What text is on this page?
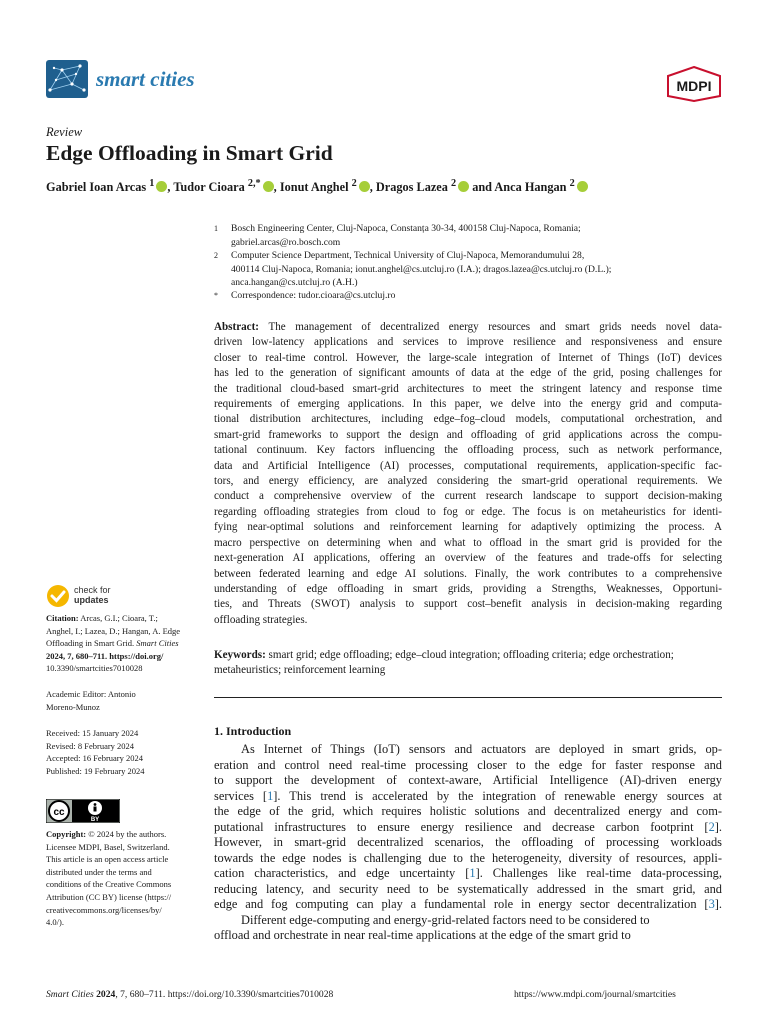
smart cities	MDPI
Review
Edge Offloading in Smart Grid
Gabriel Ioan Arcas $^1$ , Tudor Cioara $^{2,*}$ , Ionut Anghel $^2$ , Dragos Lazea $^2$ and Anca Hangan $^2$
1 Bosch Engineering Center, Cluj-Napoca, Constanța 30-34, 400158 Cluj-Napoca, Romania;
gabriel.arcas@ro.bosch.com
2 Computer Science Department, Technical University of Cluj-Napoca, Memorandumului 28,
400114 Cluj-Napoca, Romania; ionut.anghel@cs.utcluj.ro (I.A.); dragos.lazea@cs.utcluj.ro (D.L.);
anca.hangan@cs.utcluj.ro (A.H.)
* Correspondence: tudor.cioara@cs.utcluj.ro
Abstract: The management of decentralized energy resources and smart grids needs novel data-
driven low-latency applications and services to improve resilience and responsiveness and ensure
closer to real-time control. However, the large-scale integration of Internet of Things (IoT) devices
has led to the generation of significant amounts of data at the edge of the grid, posing challenges for
the traditional cloud-based smart-grid architectures to meet the stringent latency and response time
requirements of emerging applications. In this paper, we delve into the energy grid and computa-
tional distribution architectures, including edge–fog–cloud models, computational orchestration, and
smart-grid frameworks to support the design and offloading of grid applications across the compu-
tational continuum. Key factors influencing the offloading process, such as network performance,
data and Artificial Intelligence (AI) processes, computational requirements, application-specific fac-
tors, and energy efficiency, are analyzed considering the smart-grid operational requirements. We
conduct a comprehensive overview of the current research landscape to support decision-making
regarding offloading strategies from cloud to fog or edge. The focus is on metaheuristics for identi-
fying near-optimal solutions and reinforcement learning for adaptively optimizing the process. A
macro perspective on determining when and what to offload in the smart grid is provided for the
next-generation AI applications, offering an overview of the features and trade-offs for selecting
between federated learning and edge AI solutions. Finally, the work contributes to a comprehensive
understanding of edge offloading in smart grids, providing a Strengths, Weaknesses, Opportuni-
ties, and Threats (SWOT) analysis to support cost–benefit analysis in decision-making regarding
offloading strategies.
Keywords: smart grid; edge offloading; edge–cloud integration; offloading criteria; edge orchestration;
metaheuristics; reinforcement learning
1. Introduction
As Internet of Things (IoT) sensors and actuators are deployed in smart grids, op-
eration and control need real-time processing closer to the edge for faster response and
to support the development of context-aware, Artificial Intelligence (AI)-driven energy
services [1]. This trend is accelerated by the integration of renewable energy sources at
the edge of the grid, which requires holistic solutions and decentralized energy and com-
putational infrastructures to ensure energy resilience and decrease carbon footprint [2].
However, in smart-grid decentralized scenarios, the offloading of processing workloads
towards the edge nodes is challenging due to the heterogeneity, diversity of resources, appli-
cation characteristics, and edge uncertainty [1]. Challenges like real-time data-processing,
reducing latency, and security need to be systematically addressed in the smart grid, and
edge and fog computing can play a fundamental role in energy sector decentralization [3].
Different edge-computing and energy-grid-related factors need to be considered to
offload and orchestrate in near real-time applications at the edge of the smart grid to
check for
updates
Citation: Arcas, G.I.; Cioara, T.;
Anghel, I.; Lazea, D.; Hangan, A. Edge
Offloading in Smart Grid. Smart Cities
2024, 7, 680–711. https://doi.org/
10.3390/smartcities7010028
Academic Editor: Antonio
Moreno-Munoz
Received: 15 January 2024
Revised: 8 February 2024
Accepted: 16 February 2024
Published: 19 February 2024
cc
BY
Copyright: © 2024 by the authors.
Licensee MDPI, Basel, Switzerland.
This article is an open access article
distributed under the terms and
conditions of the Creative Commons
Attribution (CC BY) license (https://
creativecommons.org/licenses/by/
4.0/).
Smart Cities 2024, 7, 680–711. https://doi.org/10.3390/smartcities7010028	https://www.mdpi.com/journal/smartcities
